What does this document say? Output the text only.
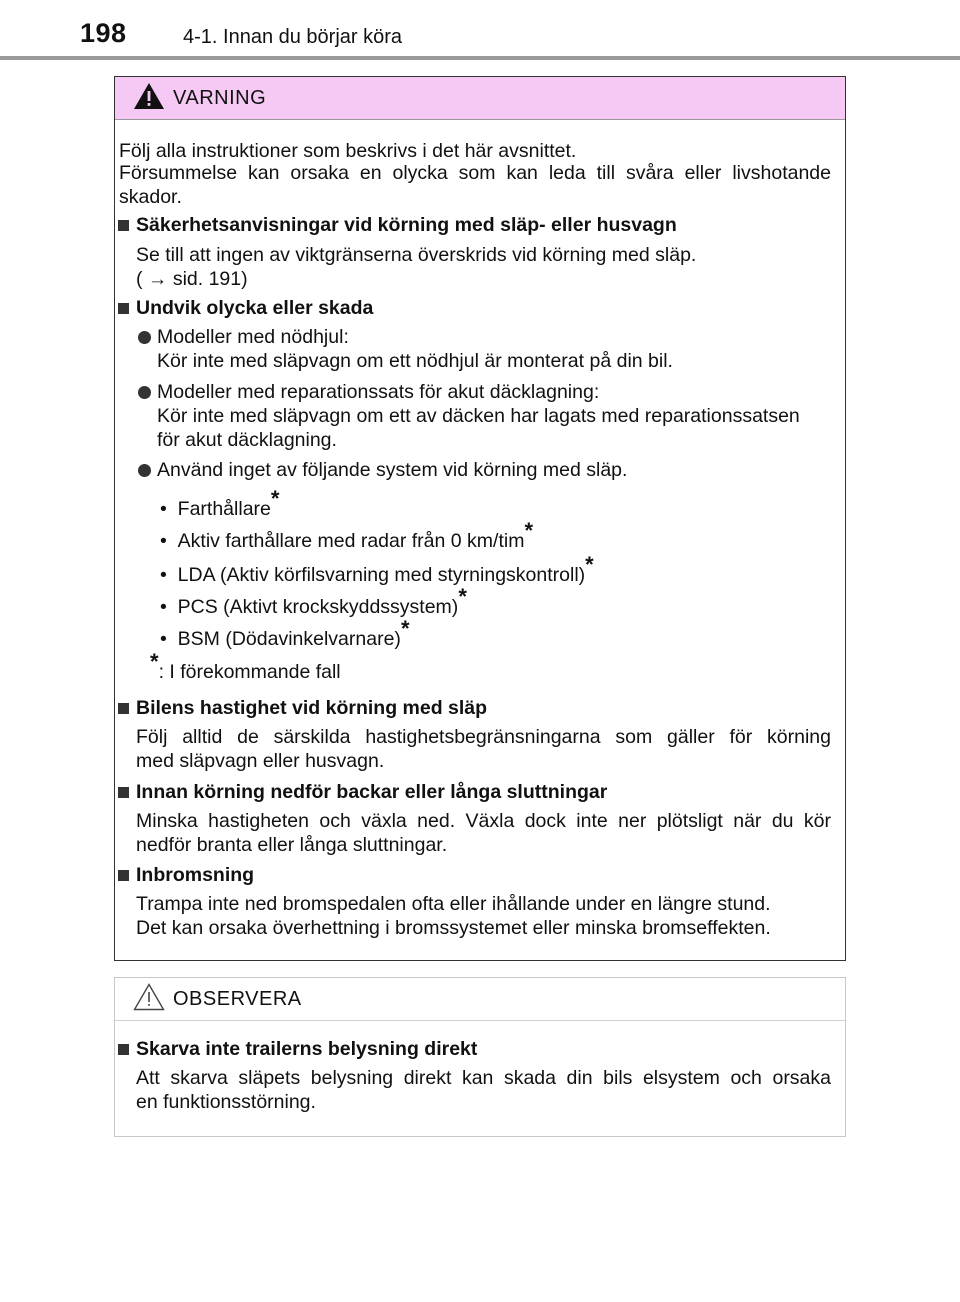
198	4-1. Innan du börjar köra
VARNING
Följ alla instruktioner som beskrivs i det här avsnittet.
Försummelse kan orsaka en olycka som kan leda till svåra eller livshotande
skador.
Säkerhetsanvisningar vid körning med släp- eller husvagn
Se till att ingen av viktgränserna överskrids vid körning med släp.
( → sid. 191)
Undvik olycka eller skada
Modeller med nödhjul:
Kör inte med släpvagn om ett nödhjul är monterat på din bil.
Modeller med reparationssats för akut däcklagning:
Kör inte med släpvagn om ett av däcken har lagats med reparationssatsen
för akut däcklagning.
Använd inget av följande system vid körning med släp.
• Farthållare*
• Aktiv farthållare med radar från 0 km/tim*
• LDA (Aktiv körfilsvarning med styrningskontroll)*
• PCS (Aktivt krockskyddssystem)*
• BSM (Dödavinkelvarnare)*
*: I förekommande fall
Bilens hastighet vid körning med släp
Följ alltid de särskilda hastighetsbegränsningarna som gäller för körning
med släpvagn eller husvagn.
Innan körning nedför backar eller långa sluttningar
Minska hastigheten och växla ned. Växla dock inte ner plötsligt när du kör
nedför branta eller långa sluttningar.
Inbromsning
Trampa inte ned bromspedalen ofta eller ihållande under en längre stund.
Det kan orsaka överhettning i bromssystemet eller minska bromseffekten.
OBSERVERA
Skarva inte trailerns belysning direkt
Att skarva släpets belysning direkt kan skada din bils elsystem och orsaka
en funktionsstörning.
